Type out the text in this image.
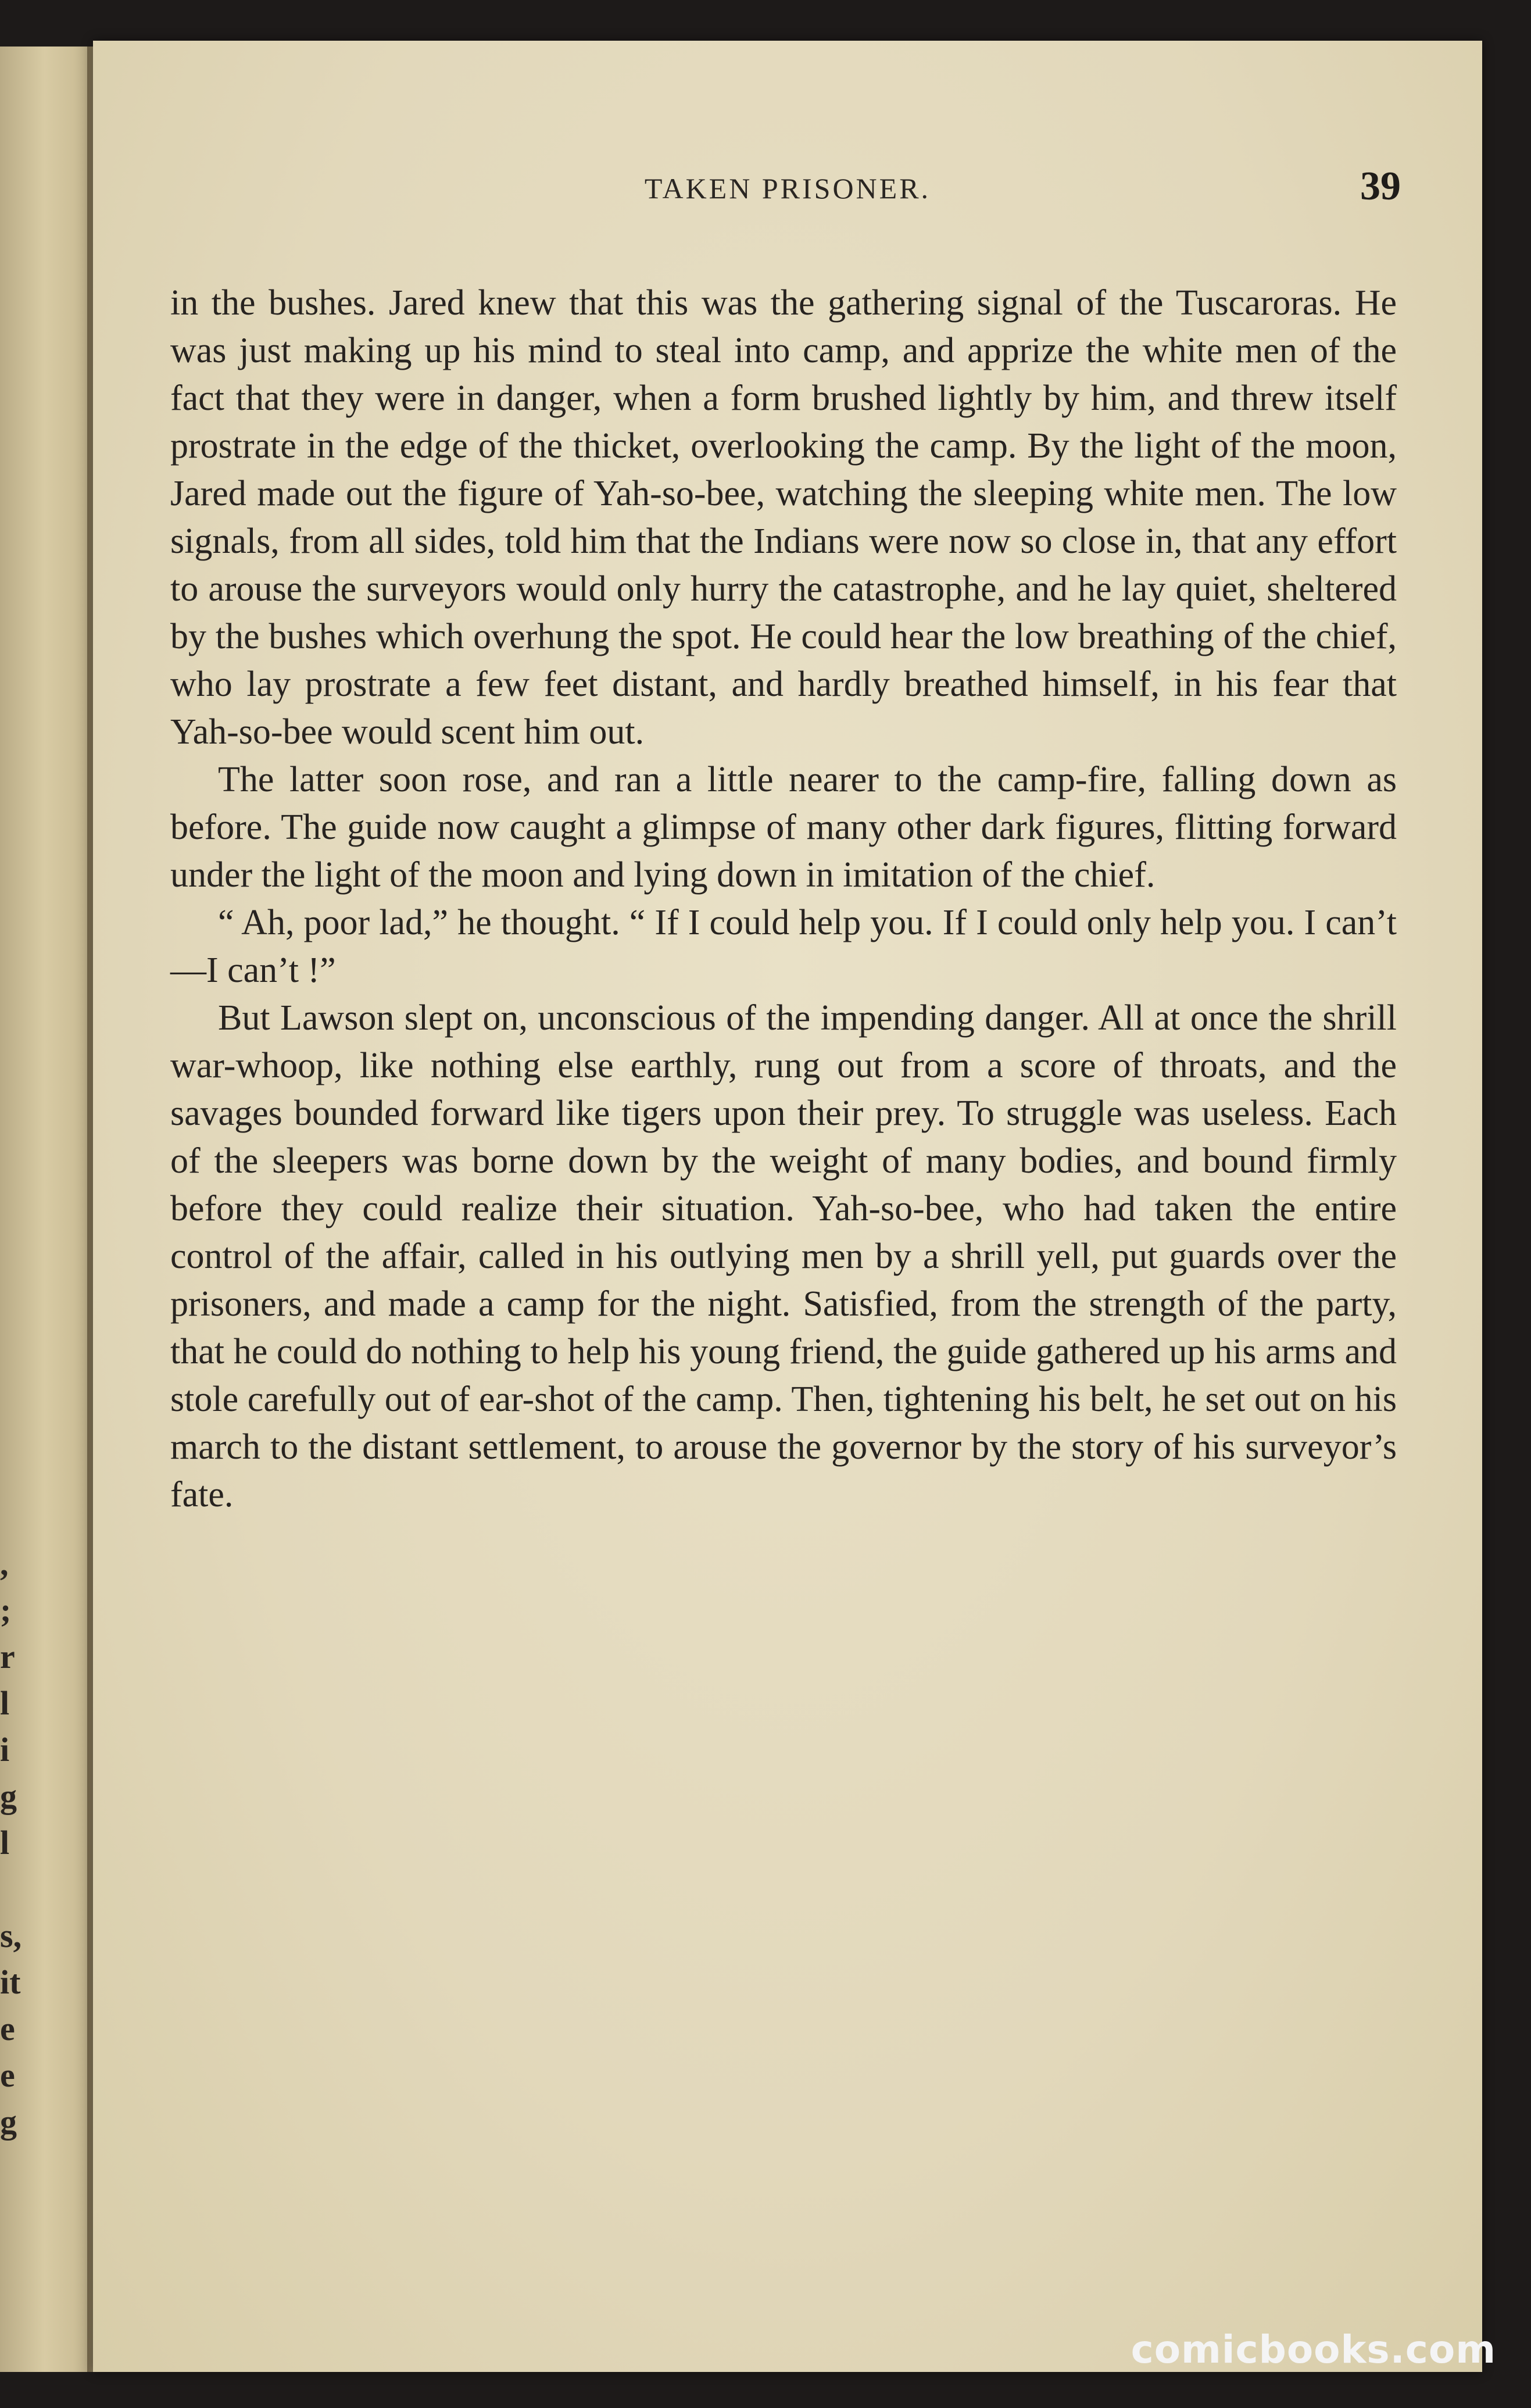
,
;
r
l
i
g
l

s,
it
e
e
g
TAKEN PRISONER.	39

in the bushes. Jared knew that this was the gathering signal of the Tuscaroras. He was just making up his mind to steal into camp, and apprize the white men of the fact that they were in danger, when a form brushed lightly by him, and threw itself prostrate in the edge of the thicket, overlooking the camp. By the light of the moon, Jared made out the figure of Yah-so-bee, watching the sleeping white men. The low signals, from all sides, told him that the Indians were now so close in, that any effort to arouse the surveyors would only hurry the catastrophe, and he lay quiet, sheltered by the bushes which overhung the spot. He could hear the low breathing of the chief, who lay prostrate a few feet distant, and hardly breathed himself, in his fear that Yah-so-bee would scent him out.

The latter soon rose, and ran a little nearer to the camp-fire, falling down as before. The guide now caught a glimpse of many other dark figures, flitting forward under the light of the moon and lying down in imitation of the chief.

“ Ah, poor lad,” he thought. “ If I could help you. If I could only help you. I can’t—I can’t !”

But Lawson slept on, unconscious of the impending danger. All at once the shrill war-whoop, like nothing else earthly, rung out from a score of throats, and the savages bounded forward like tigers upon their prey. To struggle was useless. Each of the sleepers was borne down by the weight of many bodies, and bound firmly before they could realize their situation. Yah-so-bee, who had taken the entire control of the affair, called in his outlying men by a shrill yell, put guards over the prisoners, and made a camp for the night. Satisfied, from the strength of the party, that he could do nothing to help his young friend, the guide gathered up his arms and stole carefully out of ear-shot of the camp. Then, tightening his belt, he set out on his march to the distant settlement, to arouse the governor by the story of his surveyor’s fate.

comicbooks.com
